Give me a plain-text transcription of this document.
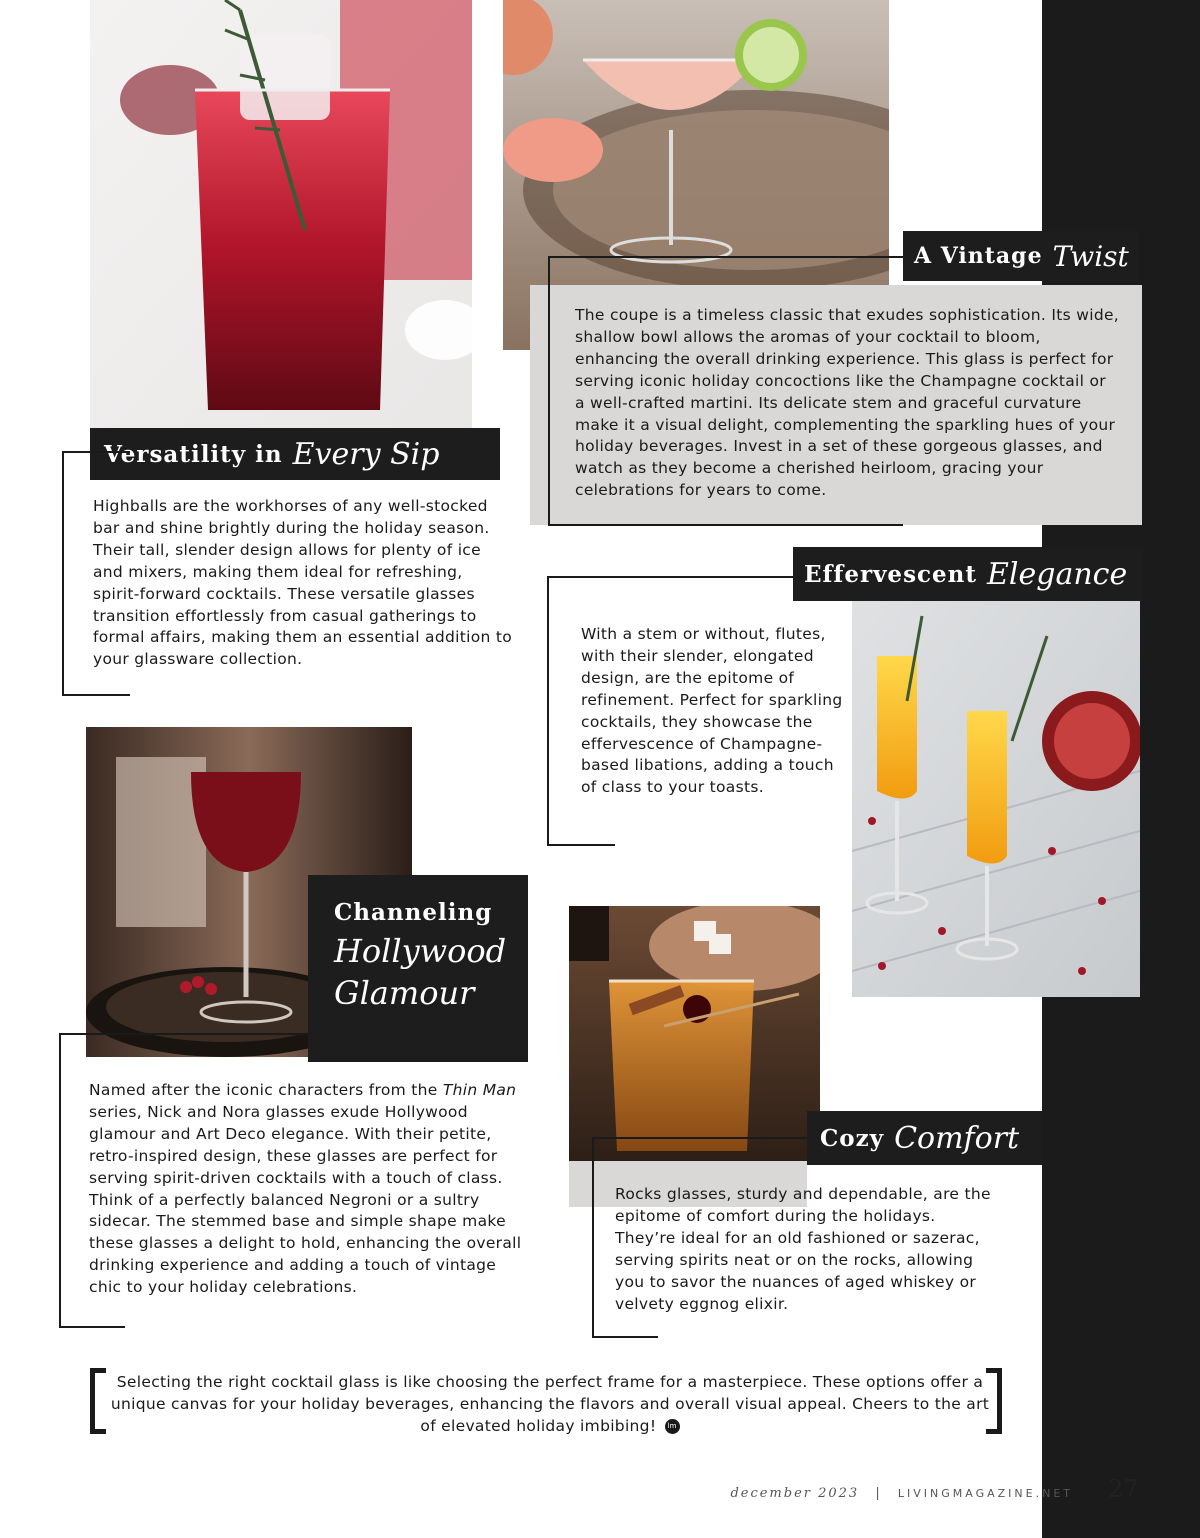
A Vintage Twist
The coupe is a timeless classic that exudes sophistication. Its wide, shallow bowl allows the aromas of your cocktail to bloom, enhancing the overall drinking experience. This glass is perfect for serving iconic holiday concoctions like the Champagne cocktail or a well-crafted martini. Its delicate stem and graceful curvature make it a visual delight, complementing the sparkling hues of your holiday beverages. Invest in a set of these gorgeous glasses, and watch as they become a cherished heirloom, gracing your celebrations for years to come.
Versatility in Every Sip
Highballs are the workhorses of any well-stocked bar and shine brightly during the holiday season. Their tall, slender design allows for plenty of ice and mixers, making them ideal for refreshing, spirit-forward cocktails. These versatile glasses transition effortlessly from casual gatherings to formal affairs, making them an essential addition to your glassware collection.
Effervescent Elegance
With a stem or without, flutes, with their slender, elongated design, are the epitome of refinement. Perfect for sparkling cocktails, they showcase the effervescence of Champagne-based libations, adding a touch of class to your toasts.
Channeling
Hollywood
Glamour
Named after the iconic characters from the Thin Man series, Nick and Nora glasses exude Hollywood glamour and Art Deco elegance. With their petite, retro-inspired design, these glasses are perfect for serving spirit-driven cocktails with a touch of class. Think of a perfectly balanced Negroni or a sultry sidecar. The stemmed base and simple shape make these glasses a delight to hold, enhancing the overall drinking experience and adding a touch of vintage chic to your holiday celebrations.
Cozy Comfort
Rocks glasses, sturdy and dependable, are the epitome of comfort during the holidays. They’re ideal for an old fashioned or sazerac, serving spirits neat or on the rocks, allowing you to savor the nuances of aged whiskey or velvety eggnog elixir.
Selecting the right cocktail glass is like choosing the perfect frame for a masterpiece. These options offer a unique canvas for your holiday beverages, enhancing the flavors and overall visual appeal. Cheers to the art of elevated holiday imbibing! lm
december 2023 | LIVINGMAGAZINE.NET 27
